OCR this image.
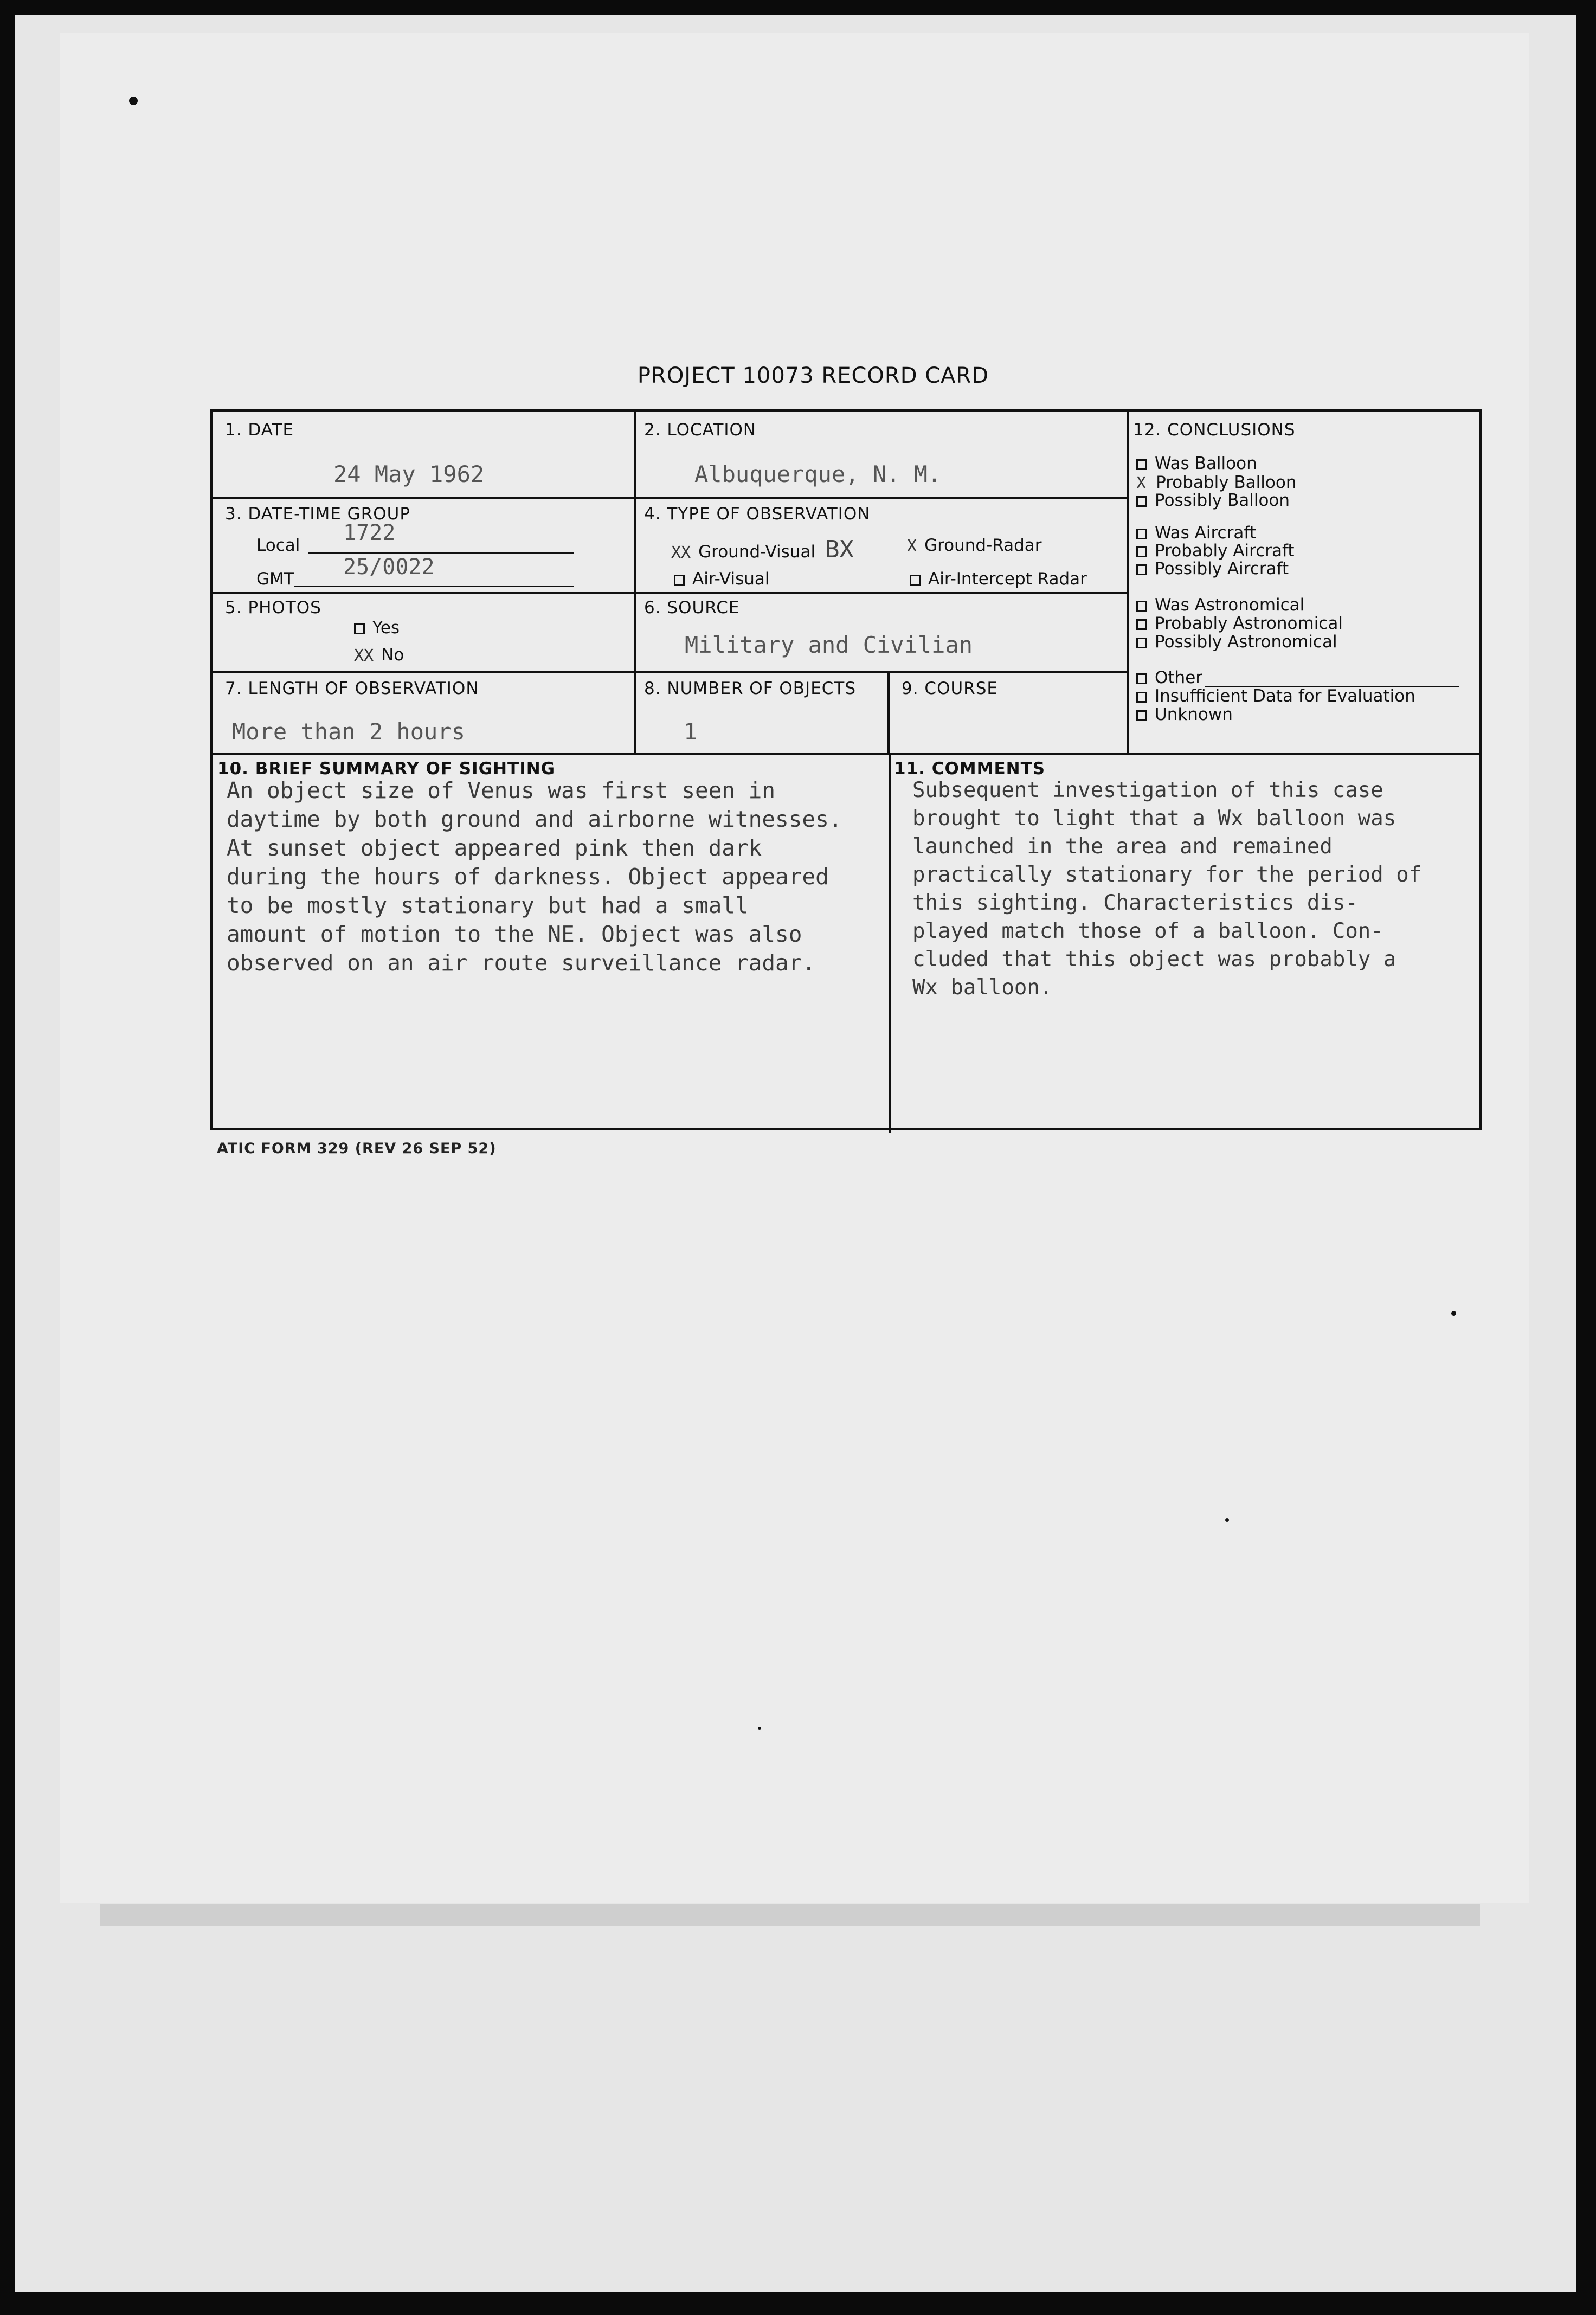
PROJECT 10073 RECORD CARD
1. DATE
24 May 1962
2. LOCATION
Albuquerque, N. M.
3. DATE-TIME GROUP
Local 1722
GMT 25/0022
4. TYPE OF OBSERVATION
XX Ground-Visual BX	X Ground-Radar
Air-Visual	Air-Intercept Radar
5. PHOTOS
Yes
XX No
6. SOURCE
Military and Civilian
7. LENGTH OF OBSERVATION
More than 2 hours
8. NUMBER OF OBJECTS
1
9. COURSE
12. CONCLUSIONS
Was Balloon
X Probably Balloon
Possibly Balloon
Was Aircraft
Probably Aircraft
Possibly Aircraft
Was Astronomical
Probably Astronomical
Possibly Astronomical
Other
Insufficient Data for Evaluation
Unknown
10. BRIEF SUMMARY OF SIGHTING
An object size of Venus was first seen in
daytime by both ground and airborne witnesses.
At sunset object appeared pink then dark
during the hours of darkness. Object appeared
to be mostly stationary but had a small
amount of motion to the NE. Object was also
observed on an air route surveillance radar.
11. COMMENTS
Subsequent investigation of this case
brought to light that a Wx balloon was
launched in the area and remained
practically stationary for the period of
this sighting. Characteristics dis-
played match those of a balloon. Con-
cluded that this object was probably a
Wx balloon.
ATIC FORM 329 (REV 26 SEP 52)
